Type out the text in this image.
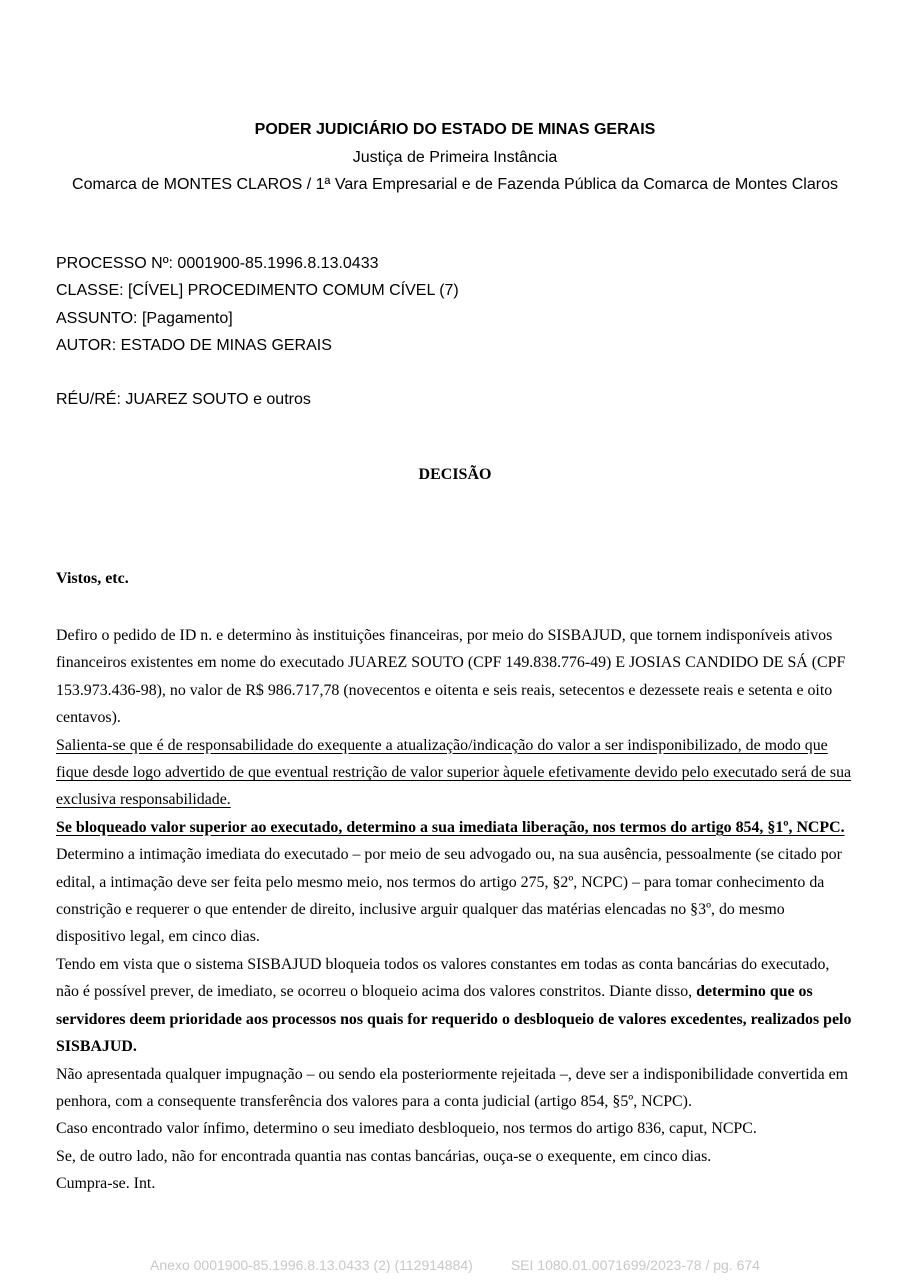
PODER JUDICIÁRIO DO ESTADO DE MINAS GERAIS
Justiça de Primeira Instância
Comarca de MONTES CLAROS / 1ª Vara Empresarial e de Fazenda Pública da Comarca de Montes Claros
PROCESSO Nº: 0001900-85.1996.8.13.0433
CLASSE: [CÍVEL] PROCEDIMENTO COMUM CÍVEL (7)
ASSUNTO: [Pagamento]
AUTOR: ESTADO DE MINAS GERAIS
RÉU/RÉ: JUAREZ SOUTO e outros
DECISÃO
Vistos, etc.

Defiro o pedido de ID n. e determino às instituições financeiras, por meio do SISBAJUD, que tornem indisponíveis ativos financeiros existentes em nome do executado JUAREZ SOUTO (CPF 149.838.776-49) E JOSIAS CANDIDO DE SÁ (CPF 153.973.436-98), no valor de R$ 986.717,78 (novecentos e oitenta e seis reais, setecentos e dezessete reais e setenta e oito centavos).

Salienta-se que é de responsabilidade do exequente a atualização/indicação do valor a ser indisponibilizado, de modo que fique desde logo advertido de que eventual restrição de valor superior àquele efetivamente devido pelo executado será de sua exclusiva responsabilidade.

Se bloqueado valor superior ao executado, determino a sua imediata liberação, nos termos do artigo 854, §1º, NCPC.

Determino a intimação imediata do executado – por meio de seu advogado ou, na sua ausência, pessoalmente (se citado por edital, a intimação deve ser feita pelo mesmo meio, nos termos do artigo 275, §2º, NCPC) – para tomar conhecimento da constrição e requerer o que entender de direito, inclusive arguir qualquer das matérias elencadas no §3º, do mesmo dispositivo legal, em cinco dias.

Tendo em vista que o sistema SISBAJUD bloqueia todos os valores constantes em todas as conta bancárias do executado, não é possível prever, de imediato, se ocorreu o bloqueio acima dos valores constritos. Diante disso, determino que os servidores deem prioridade aos processos nos quais for requerido o desbloqueio de valores excedentes, realizados pelo SISBAJUD.

Não apresentada qualquer impugnação – ou sendo ela posteriormente rejeitada –, deve ser a indisponibilidade convertida em penhora, com a consequente transferência dos valores para a conta judicial (artigo 854, §5º, NCPC).

Caso encontrado valor ínfimo, determino o seu imediato desbloqueio, nos termos do artigo 836, caput, NCPC.

Se, de outro lado, não for encontrada quantia nas contas bancárias, ouça-se o exequente, em cinco dias.

Cumpra-se. Int.

Anexo 0001900-85.1996.8.13.0433 (2) (112914884)	SEI 1080.01.0071699/2023-78 / pg. 674
